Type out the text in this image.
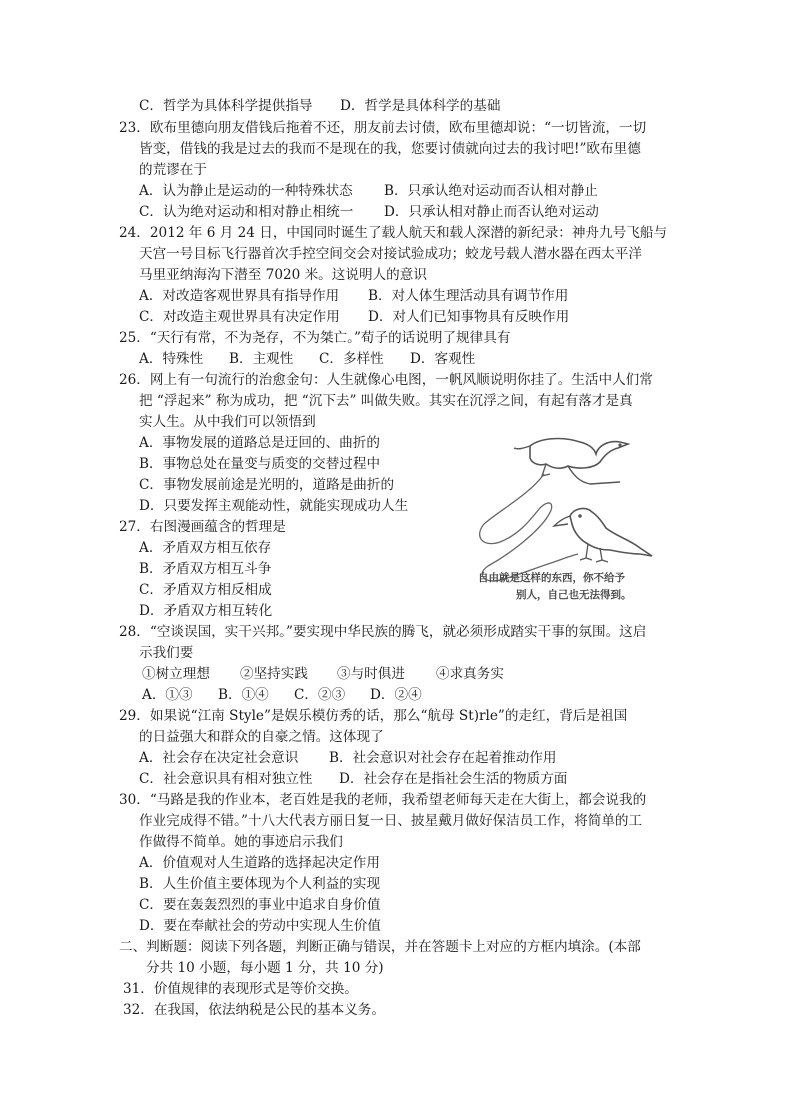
C．哲学为具体科学提供指导 D．哲学是具体科学的基础
23．欧布里德向朋友借钱后拖着不还，朋友前去讨债，欧布里德却说：“一切皆流，一切
皆变，借钱的我是过去的我而不是现在的我，您要讨债就向过去的我讨吧!”欧布里德
的荒谬在于
A．认为静止是运动的一种特殊状态 B．只承认绝对运动而否认相对静止
C．认为绝对运动和相对静止相统一 D．只承认相对静止而否认绝对运动
24．2012 年 6 月 24 日，中国同时诞生了载人航天和载人深潜的新纪录：神舟九号飞船与
天宫一号目标飞行器首次手控空间交会对接试验成功；蛟龙号载人潜水器在西太平洋
马里亚纳海沟下潜至 7020 米。这说明人的意识
A．对改造客观世界具有指导作用 B．对人体生理活动具有调节作用
C．对改造主观世界具有决定作用 D．对人们已知事物具有反映作用
25．“天行有常，不为尧存，不为桀亡。”荀子的话说明了规律具有
A．特殊性 B．主观性 C．多样性 D．客观性
26．网上有一句流行的治愈金句：人生就像心电图，一帆风顺说明你挂了。生活中人们常
把 “浮起来” 称为成功，把 “沉下去” 叫做失败。其实在沉浮之间，有起有落才是真
实人生。从中我们可以领悟到
A．事物发展的道路总是迂回的、曲折的
B．事物总处在量变与质变的交替过程中
C．事物发展前途是光明的，道路是曲折的
D．只要发挥主观能动性，就能实现成功人生
27．右图漫画蕴含的哲理是
A．矛盾双方相互依存
B．矛盾双方相互斗争
C．矛盾双方相反相成
D．矛盾双方相互转化
自由就是这样的东西，你不给予
别人，自己也无法得到。
28．“空谈误国，实干兴邦。”要实现中华民族的腾飞，就必须形成踏实干事的氛围。这启
示我们要
①树立理想 ②坚持实践 ③与时俱进 ④求真务实
A．①③ B．①④ C．②③ D．②④
29．如果说“江南 Style”是娱乐模仿秀的话，那么“航母 St)rle”的走红，背后是祖国
的日益强大和群众的自豪之情。这体现了
A．社会存在决定社会意识 B．社会意识对社会存在起着推动作用
C．社会意识具有相对独立性 D．社会存在是指社会生活的物质方面
30．“马路是我的作业本，老百姓是我的老师，我希望老师每天走在大街上，都会说我的
作业完成得不错。”十八大代表方丽日复一日、披星戴月做好保洁员工作，将简单的工
作做得不简单。她的事迹启示我们
A．价值观对人生道路的选择起决定作用
B．人生价值主要体现为个人利益的实现
C．要在轰轰烈烈的事业中追求自身价值
D．要在奉献社会的劳动中实现人生价值
二、判断题：阅读下列各题，判断正确与错误，并在答题卡上对应的方框内填涂。(本部
分共 10 小题，每小题 1 分，共 10 分)
31．价值规律的表现形式是等价交换。
32．在我国，依法纳税是公民的基本义务。
